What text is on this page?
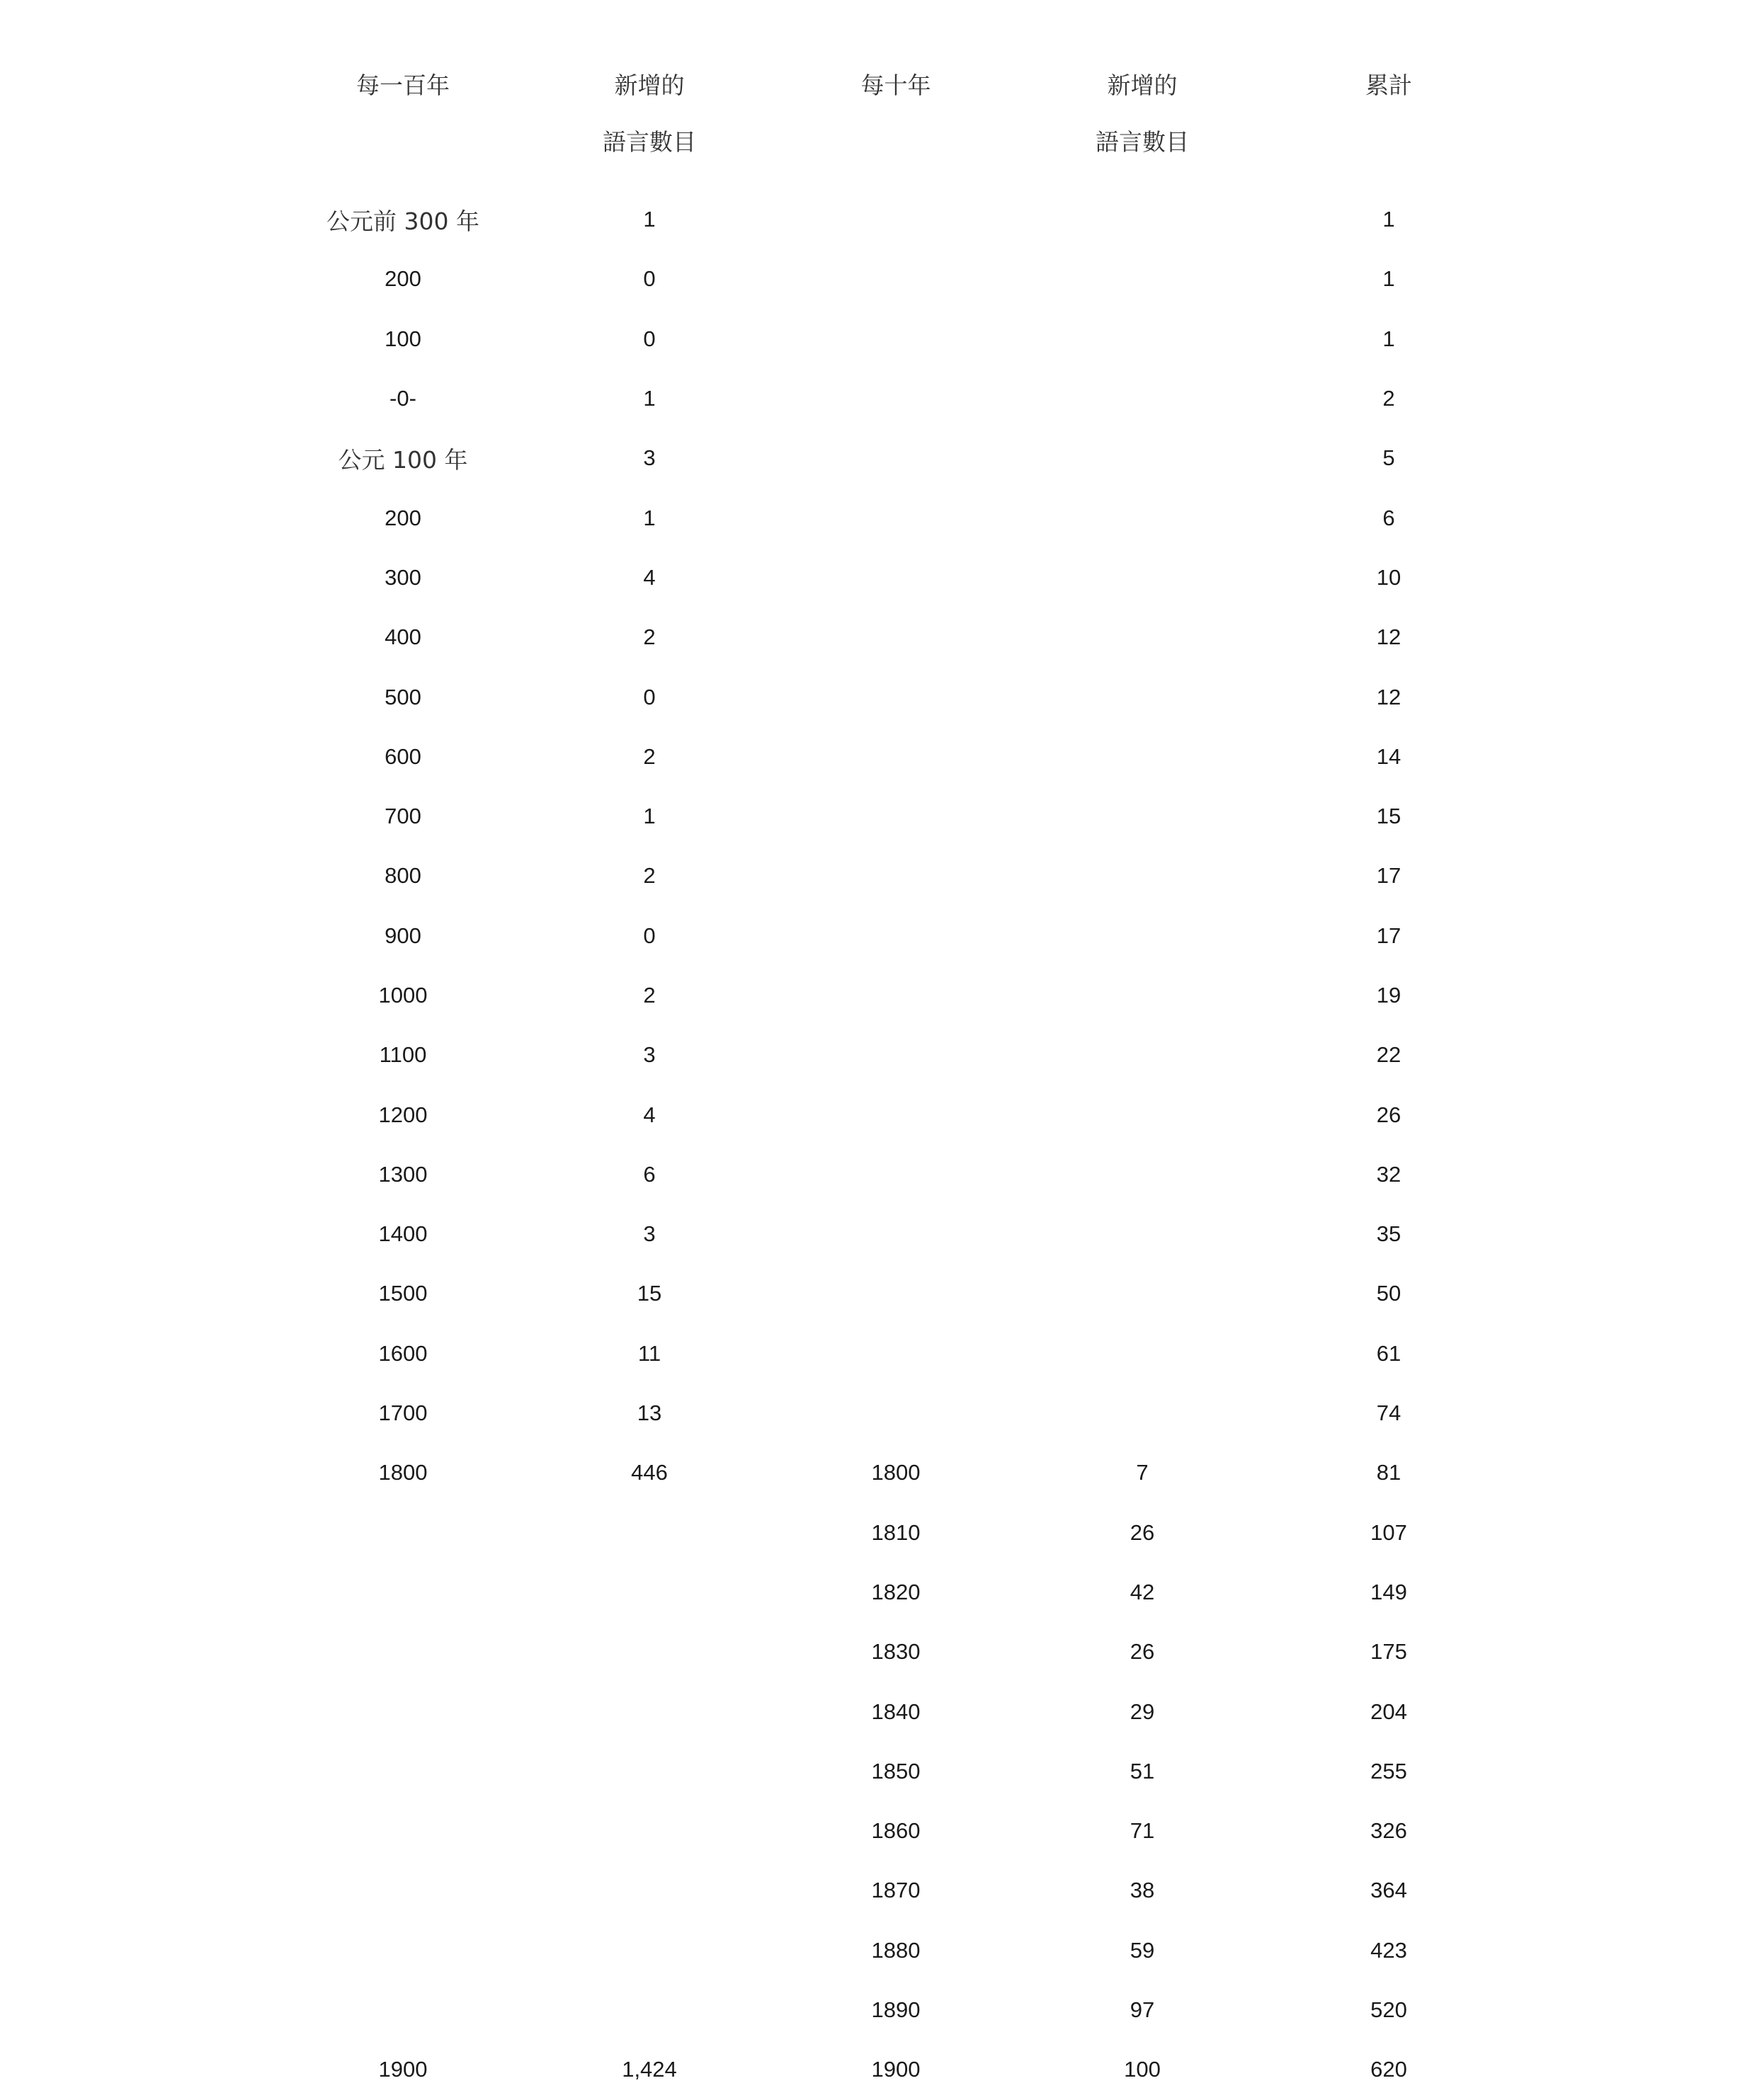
每一百年	新增的	每十年	新增的	累計
	語言數目		語言數目	
公元前 300 年	1			1
200	0			1
100	0			1
-0-	1			2
公元 100 年	3			5
200	1			6
300	4			10
400	2			12
500	0			12
600	2			14
700	1			15
800	2			17
900	0			17
1000	2			19
1100	3			22
1200	4			26
1300	6			32
1400	3			35
1500	15			50
1600	11			61
1700	13			74
1800	446	1800	7	81
		1810	26	107
		1820	42	149
		1830	26	175
		1840	29	204
		1850	51	255
		1860	71	326
		1870	38	364
		1880	59	423
		1890	97	520
1900	1,424	1900	100	620
